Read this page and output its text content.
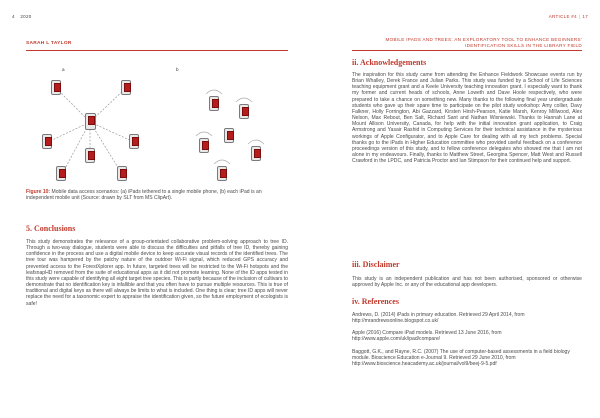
4 2020	ARTICLE #4 | 17
SARAH L TAYLOR
MOBILE IPADS AND TREES: AN EXPLORATORY TOOL TO ENHANCE BEGINNERS' IDENTIFICATION SKILLS IN THE LIBRARY FIELD
a	b
Figure 10: Mobile data access scenarios: (a) iPads tethered to a single mobile phone, (b) each iPad is an independent mobile unit (Source: drawn by SLT from MS ClipArt).
5. Conclusions
This study demonstrates the relevance of a group-orientated collaborative problem-solving approach to tree ID. Through a two-way dialogue, students were able to discuss the difficulties and pitfalls of tree ID, thereby gaining confidence in the process and use a digital mobile device to keep accurate visual records of the identified trees. The tree tour was hampered by the patchy nature of the outdoor Wi-Fi signal, which reduced GPS accuracy and prevented access to the ForestXplorer app. In future, targeted trees will be restricted to the Wi-Fi hotspots and the leafsnapHD removed from the suite of educational apps as it did not promote learning. None of the ID apps tested in this study were capable of identifying all eight target tree species. This is partly because of the inclusion of cultivars to demonstrate that no identification key is infallible and that you often have to pursue multiple resources. This is true of traditional and digital keys as there will always be limits to what is included. One thing is clear; tree ID apps will never replace the need for a taxonomic expert to appraise the identification given, so the future employment of ecologists is safe!
ii. Acknowledgements
The inspiration for this study came from attending the Enhance Fieldwork Showcase events run by Brian Whalley, Derek France and Julian Parks. This study was funded by a School of Life Sciences teaching equipment grant and a Keele University teaching innovation grant. I especially want to thank my former and current heads of schools, Anne Loweth and Dave Hoole respectively, who were prepared to take a chance on something new. Many thanks to the following final year undergraduate students who gave up their spare time to participate on the pilot study workshop: Amy collier, Davy Falkner, Holly Forrington, Abi Gazzard, Kirsten Hirsh-Pearson, Katie Marsh, Kenroy Millwood, Alex Nelson, Max Rebout, Ben Salt, Richard Sant and Nathan Wisniewski. Thanks to Hannah Lane at Mount Allison University, Canada, for help with the initial innovation grant application, to Craig Armstrong and Yasair Rashid in Computing Services for their technical assistance in the mysterious workings of Apple Configurator, and to Apple Care for dealing with all my tech problems. Special thanks go to the iPads in Higher Education committee who provided useful feedback on a conference proceedings version of this study, and to fellow conference delegates who showed me that I am not alone in my endeavours. Finally, thanks to Matthew Street, Georgina Spencer, Matt West and Russell Crawford in the LPDC, and Patricia Proctor and Ian Stimpson for their continued help and support.
iii. Disclaimer
This study is an independent publication and has not been authorised, sponsored or otherwise approved by Apple Inc. or any of the educational app developers.
iv. References
Andrews, D. (2014) iPads in primary education. Retrieved 29 April 2014, from http://mrandrewsonline.blogspot.co.uk/
Apple (2016) Compare iPad models. Retrieved 13 June 2016, from http://www.apple.com/uk/ipad/compare/
Baggott, G.K., and Rayne, R.C. (2007) The use of computer-based assessments in a field biology module. Bioscience Education e-Journal 9. Retrieved 29 June 2010, from http://www.bioscience.heacademy.ac.uk/journal/vol9/beej-9-5.pdf
